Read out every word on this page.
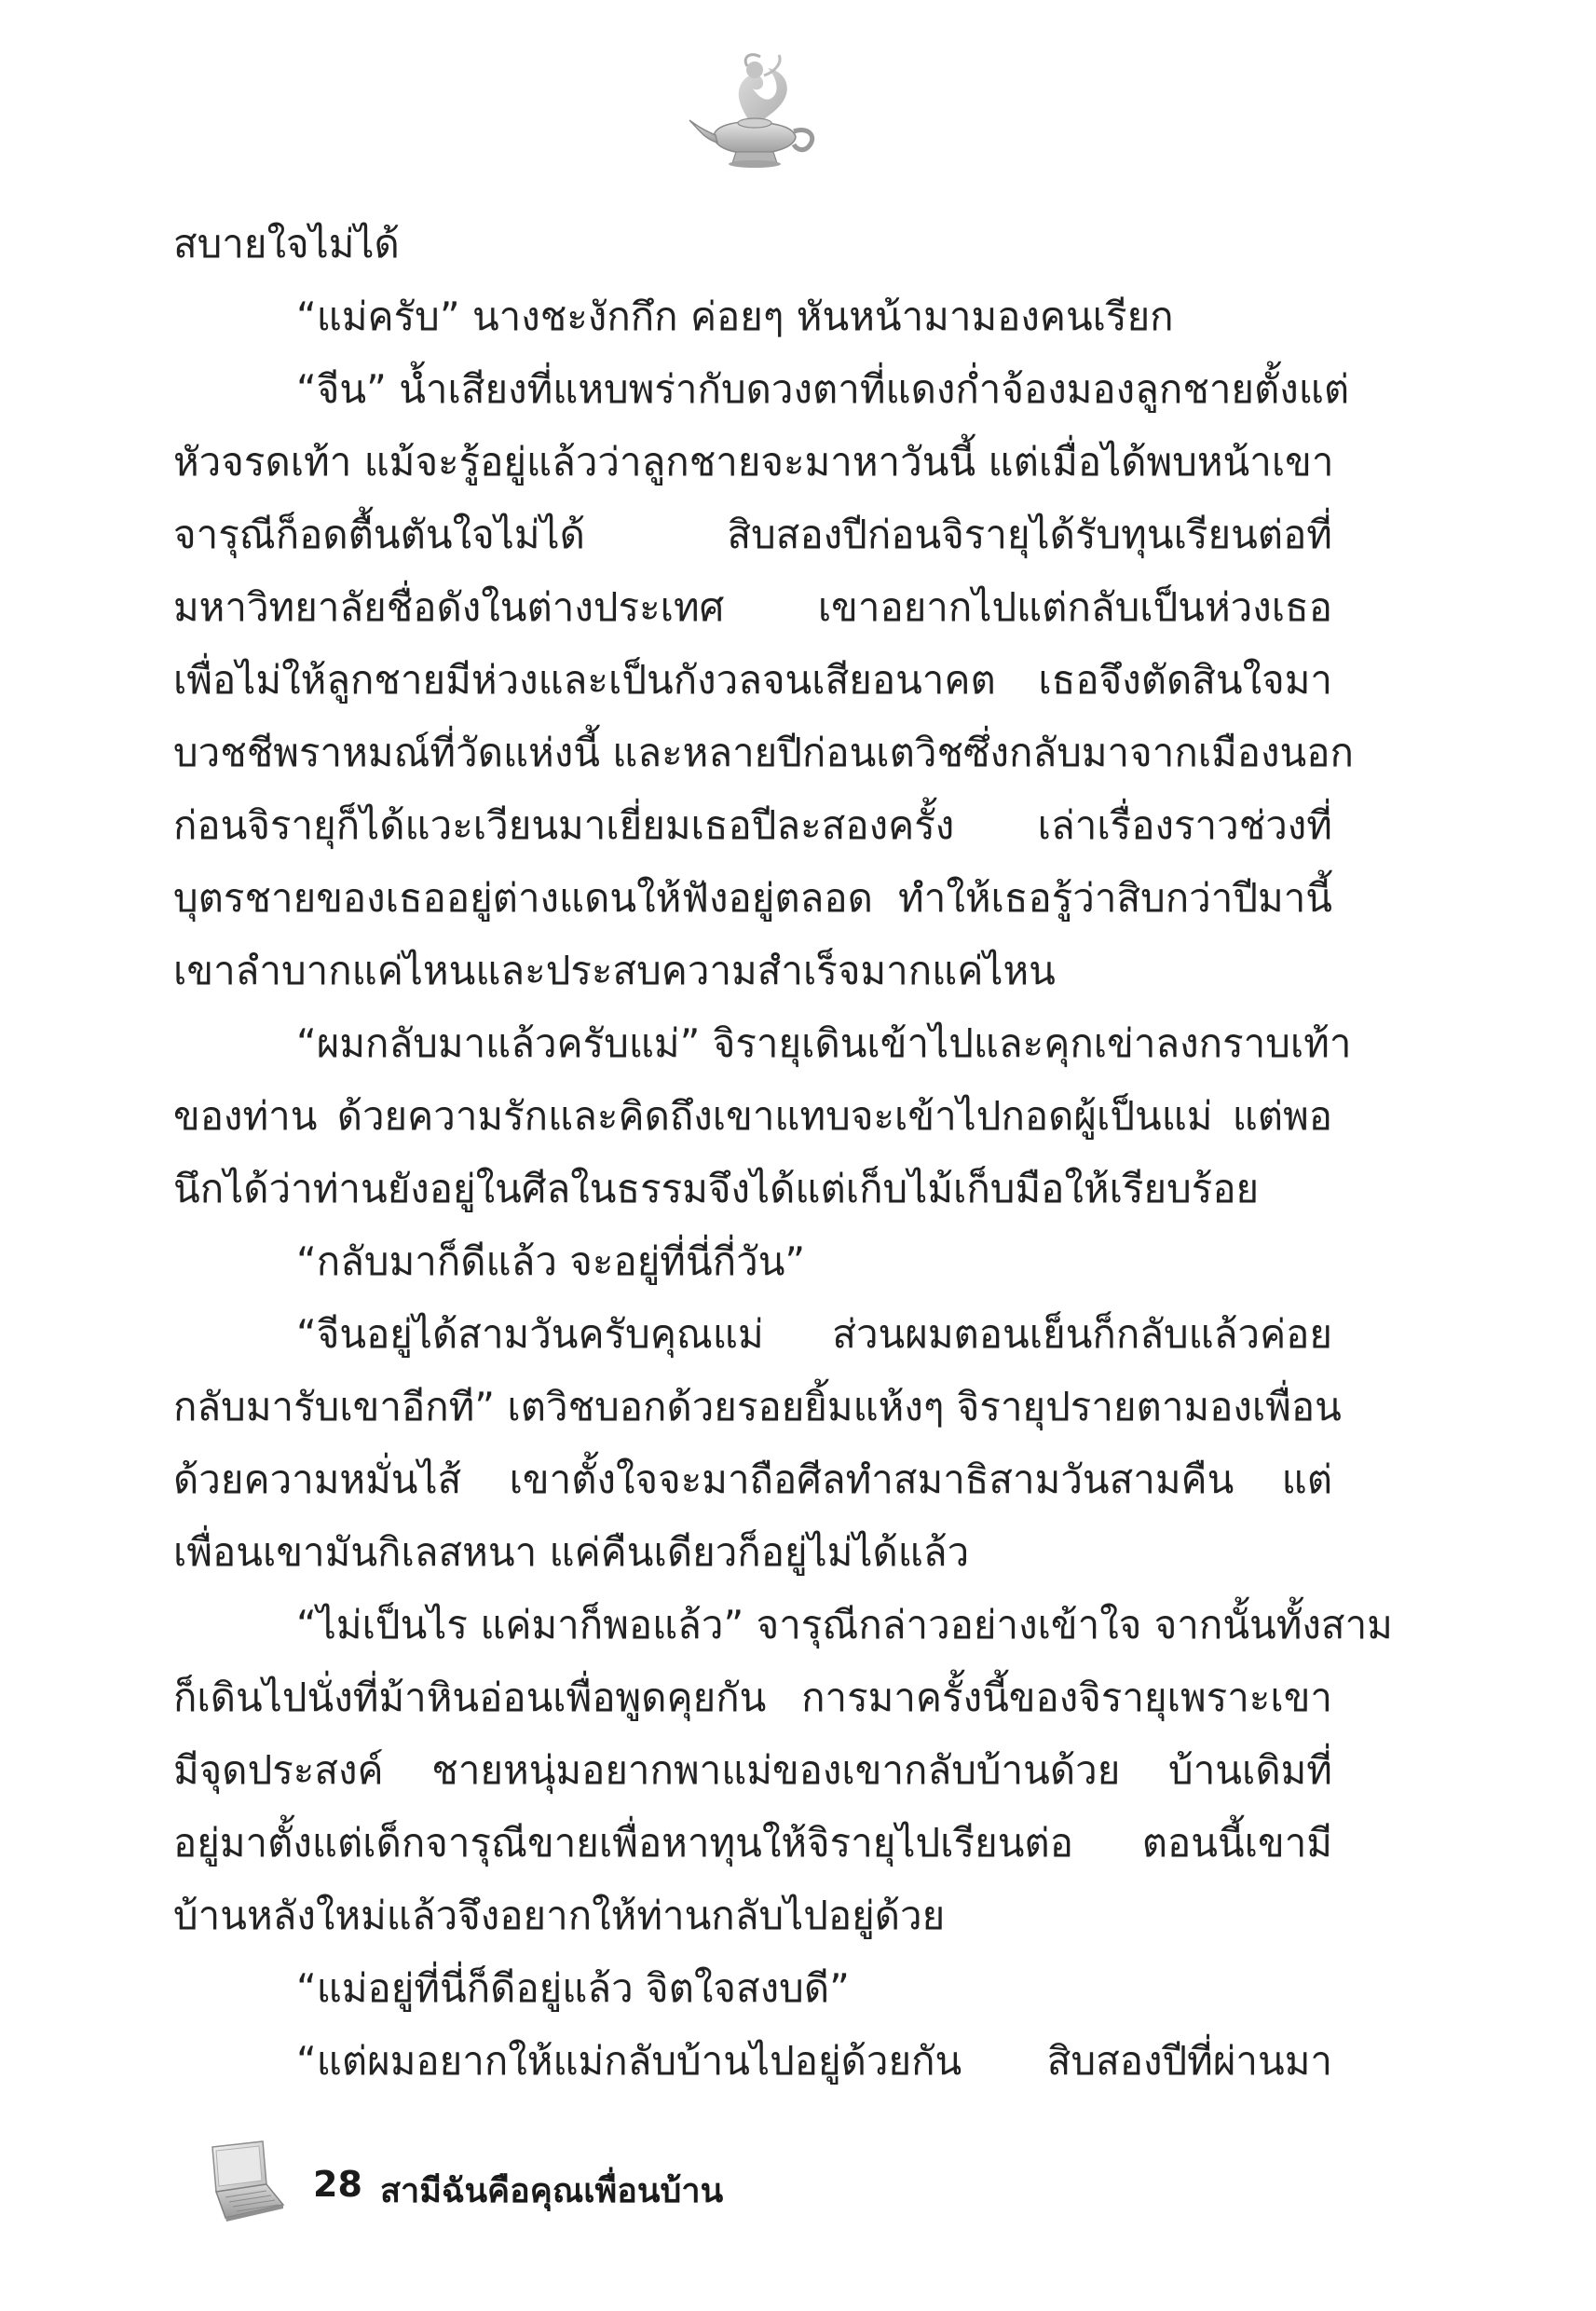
สบายใจไม่ได้
“แม่ครับ” นางชะงักกึก ค่อยๆ หันหน้ามามองคนเรียก
“จีน” น้ำเสียงที่แหบพร่ากับดวงตาที่แดงก่ำจ้องมองลูกชายตั้งแต่
หัวจรดเท้า แม้จะรู้อยู่แล้วว่าลูกชายจะมาหาวันนี้ แต่เมื่อได้พบหน้าเขา
จารุณีก็อดตื้นตันใจไม่ได้ สิบสองปีก่อนจิรายุได้รับทุนเรียนต่อที่
มหาวิทยาลัยชื่อดังในต่างประเทศ เขาอยากไปแต่กลับเป็นห่วงเธอ
เพื่อไม่ให้ลูกชายมีห่วงและเป็นกังวลจนเสียอนาคต เธอจึงตัดสินใจมา
บวชชีพราหมณ์ที่วัดแห่งนี้ และหลายปีก่อนเตวิชซึ่งกลับมาจากเมืองนอก
ก่อนจิรายุก็ได้แวะเวียนมาเยี่ยมเธอปีละสองครั้ง เล่าเรื่องราวช่วงที่
บุตรชายของเธออยู่ต่างแดนให้ฟังอยู่ตลอด ทำให้เธอรู้ว่าสิบกว่าปีมานี้
เขาลำบากแค่ไหนและประสบความสำเร็จมากแค่ไหน
“ผมกลับมาแล้วครับแม่” จิรายุเดินเข้าไปและคุกเข่าลงกราบเท้า
ของท่าน ด้วยความรักและคิดถึงเขาแทบจะเข้าไปกอดผู้เป็นแม่ แต่พอ
นึกได้ว่าท่านยังอยู่ในศีลในธรรมจึงได้แต่เก็บไม้เก็บมือให้เรียบร้อย
“กลับมาก็ดีแล้ว จะอยู่ที่นี่กี่วัน”
“จีนอยู่ได้สามวันครับคุณแม่ ส่วนผมตอนเย็นก็กลับแล้วค่อย
กลับมารับเขาอีกที” เตวิชบอกด้วยรอยยิ้มแห้งๆ จิรายุปรายตามองเพื่อน
ด้วยความหมั่นไส้ เขาตั้งใจจะมาถือศีลทำสมาธิสามวันสามคืน แต่
เพื่อนเขามันกิเลสหนา แค่คืนเดียวก็อยู่ไม่ได้แล้ว
“ไม่เป็นไร แค่มาก็พอแล้ว” จารุณีกล่าวอย่างเข้าใจ จากนั้นทั้งสาม
ก็เดินไปนั่งที่ม้าหินอ่อนเพื่อพูดคุยกัน การมาครั้งนี้ของจิรายุเพราะเขา
มีจุดประสงค์ ชายหนุ่มอยากพาแม่ของเขากลับบ้านด้วย บ้านเดิมที่
อยู่มาตั้งแต่เด็กจารุณีขายเพื่อหาทุนให้จิรายุไปเรียนต่อ ตอนนี้เขามี
บ้านหลังใหม่แล้วจึงอยากให้ท่านกลับไปอยู่ด้วย
“แม่อยู่ที่นี่ก็ดีอยู่แล้ว จิตใจสงบดี”
“แต่ผมอยากให้แม่กลับบ้านไปอยู่ด้วยกัน สิบสองปีที่ผ่านมา
28 สามีฉันคือคุณเพื่อนบ้าน
